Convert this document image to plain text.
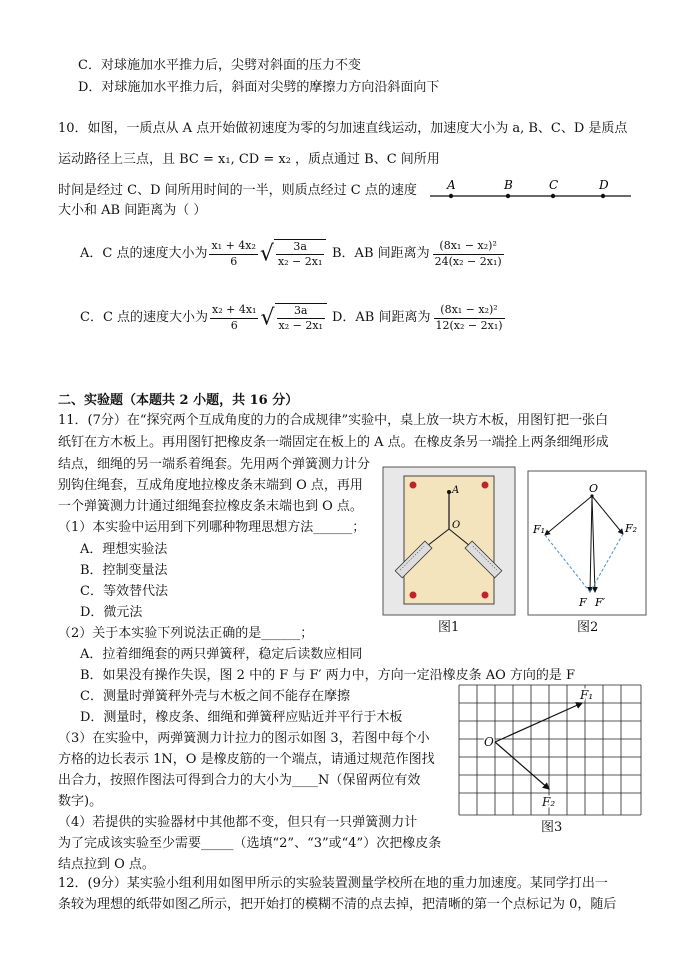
C．对球施加水平推力后，尖劈对斜面的压力不变
D．对球施加水平推力后，斜面对尖劈的摩擦力方向沿斜面向下
10．如图，一质点从 A 点开始做初速度为零的匀加速直线运动，加速度大小为 a, B、C、D 是质点
运动路径上三点，且 BC = x₁, CD = x₂ ，质点通过 B、C 间所用
时间是经过 C、D 间所用时间的一半，则质点经过 C 点的速度
大小和 AB 间距离为（ ）
A	B	C	D
A．C 点的速度大小为 $\frac{\text{x₁ + 4x₂}}{6}$ √ $\frac{3a}{\text{x₂ − 2x₁}}$ B．AB 间距离为 $\frac{\text{(8x₁ − x₂)²}}{\text{24(x₂ − 2x₁)}}$
C．C 点的速度大小为 $\frac{\text{x₂ + 4x₁}}{6}$ √ $\frac{3a}{\text{x₂ − 2x₁}}$ D．AB 间距离为 $\frac{\text{(8x₁ − x₂)²}}{\text{12(x₂ − 2x₁)}}$
二、实验题（本题共 2 小题，共 16 分）
11．(7分）在“探究两个互成角度的力的合成规律”实验中，桌上放一块方木板，用图钉把一张白
纸钉在方木板上。再用图钉把橡皮条一端固定在板上的 A 点。在橡皮条另一端拴上两条细绳形成
结点，细绳的另一端系着绳套。先用两个弹簧测力计分
别钩住绳套，互成角度地拉橡皮条末端到 O 点，再用
一个弹簧测力计通过细绳套拉橡皮条末端也到 O 点。
（1）本实验中运用到下列哪种物理思想方法______；
A．理想实验法
B．控制变量法
C．等效替代法
D．微元法
（2）关于本实验下列说法正确的是______；
A．拉着细绳套的两只弹簧秤，稳定后读数应相同
B．如果没有操作失误，图 2 中的 F 与 F′ 两力中，方向一定沿橡皮条 AO 方向的是 F
C．测量时弹簧秤外壳与木板之间不能存在摩擦
D．测量时，橡皮条、细绳和弹簧秤应贴近并平行于木板
（3）在实验中，两弹簧测力计拉力的图示如图 3，若图中每个小
方格的边长表示 1N，O 是橡皮筋的一个端点，请通过规范作图找
出合力，按照作图法可得到合力的大小为____N（保留两位有效
数字)。
（4）若提供的实验器材中其他都不变，但只有一只弹簧测力计
为了完成该实验至少需要_____（选填“2”、“3”或“4”）次把橡皮条
结点拉到 O 点。
A
O
图1
O
F₁	F₂
F F′
图2
O
F₁
F₂
图3
12．(9分）某实验小组利用如图甲所示的实验装置测量学校所在地的重力加速度。某同学打出一
条较为理想的纸带如图乙所示，把开始打的模糊不清的点去掉，把清晰的第一个点标记为 0，随后
